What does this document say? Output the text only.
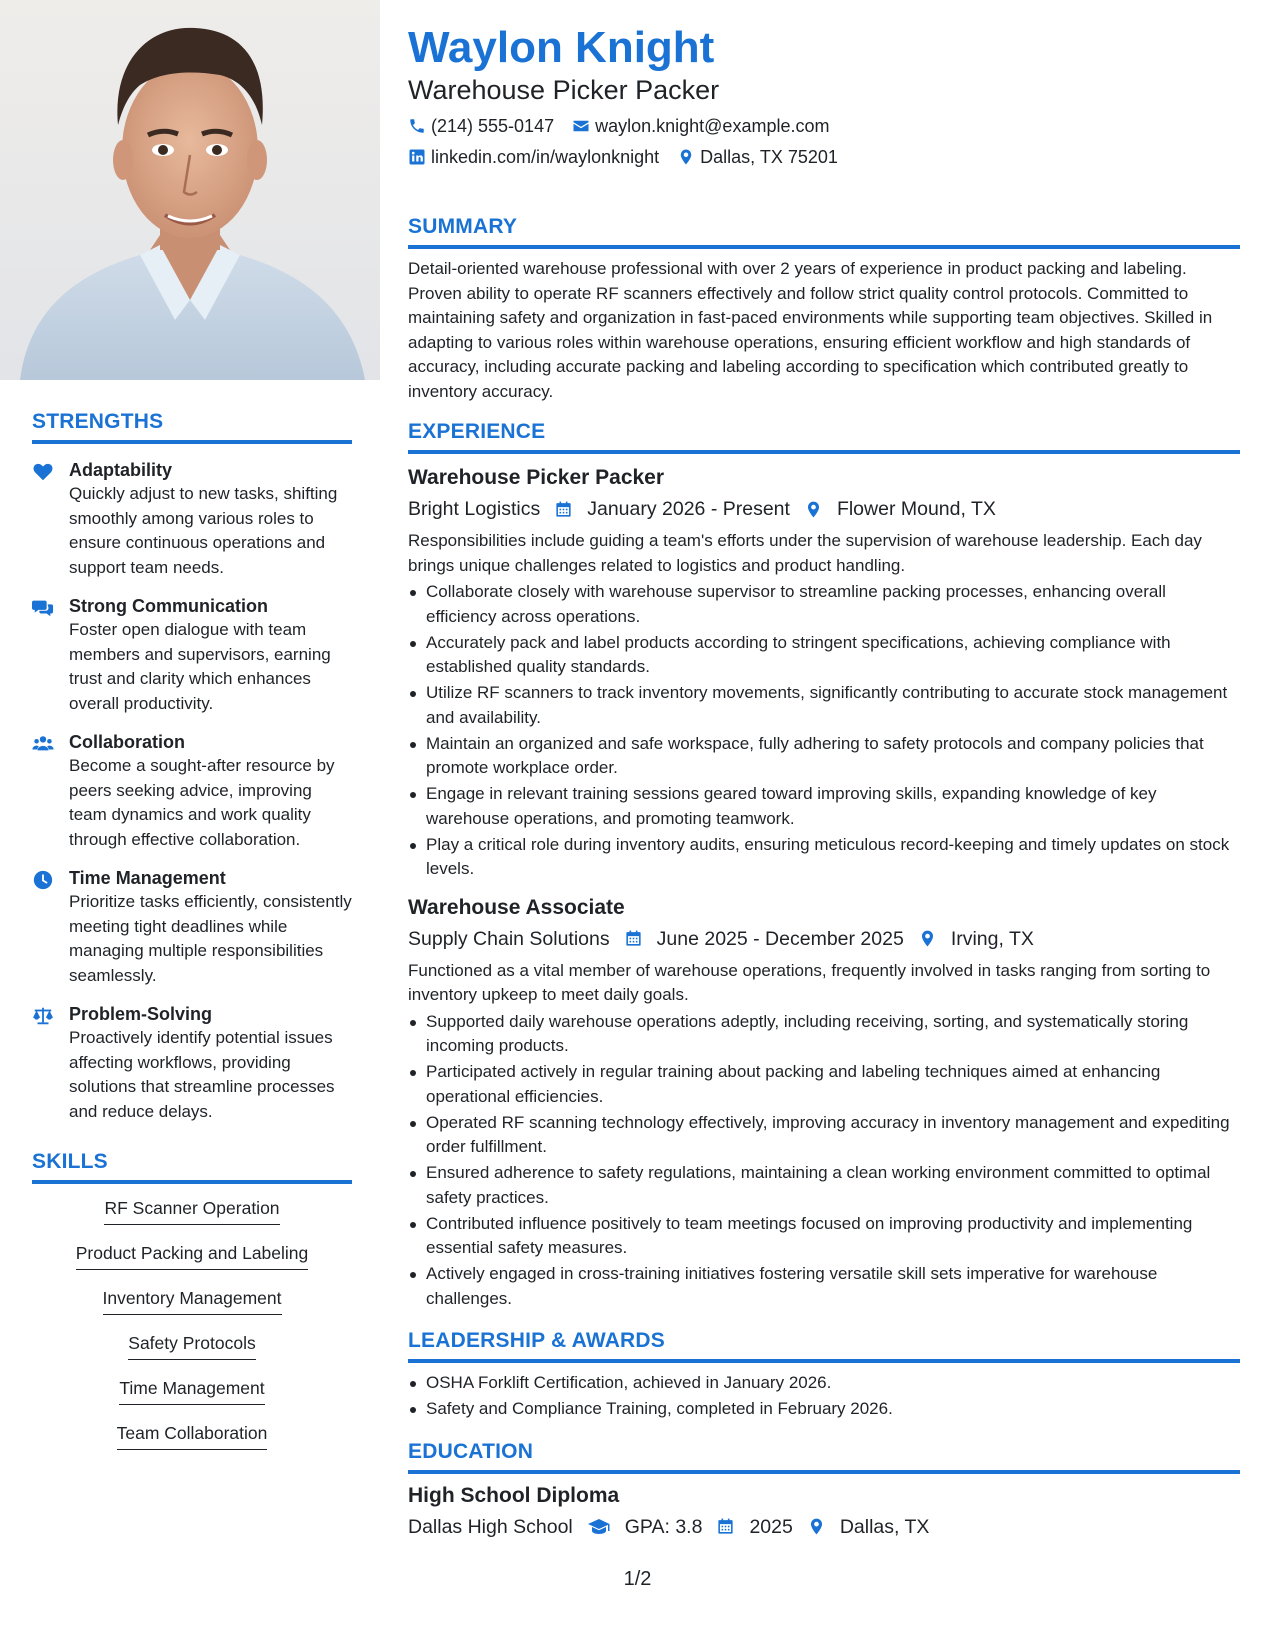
STRENGTHS
Adaptability
Quickly adjust to new tasks, shifting smoothly among various roles to ensure continuous operations and support team needs.
Strong Communication
Foster open dialogue with team members and supervisors, earning trust and clarity which enhances overall productivity.
Collaboration
Become a sought-after resource by peers seeking advice, improving team dynamics and work quality through effective collaboration.
Time Management
Prioritize tasks efficiently, consistently meeting tight deadlines while managing multiple responsibilities seamlessly.
Problem-Solving
Proactively identify potential issues affecting workflows, providing solutions that streamline processes and reduce delays.
SKILLS
RF Scanner Operation
Product Packing and Labeling
Inventory Management
Safety Protocols
Time Management
Team Collaboration
Waylon Knight
Warehouse Picker Packer
(214) 555-0147 waylon.knight@example.com
linkedin.com/in/waylonknight Dallas, TX 75201
SUMMARY
Detail-oriented warehouse professional with over 2 years of experience in product packing and labeling. Proven ability to operate RF scanners effectively and follow strict quality control protocols. Committed to maintaining safety and organization in fast-paced environments while supporting team objectives. Skilled in adapting to various roles within warehouse operations, ensuring efficient workflow and high standards of accuracy, including accurate packing and labeling according to specification which contributed greatly to inventory accuracy.
EXPERIENCE
Warehouse Picker Packer
Bright Logistics January 2026 - Present Flower Mound, TX
Responsibilities include guiding a team's efforts under the supervision of warehouse leadership. Each day brings unique challenges related to logistics and product handling.
Collaborate closely with warehouse supervisor to streamline packing processes, enhancing overall efficiency across operations.
Accurately pack and label products according to stringent specifications, achieving compliance with established quality standards.
Utilize RF scanners to track inventory movements, significantly contributing to accurate stock management and availability.
Maintain an organized and safe workspace, fully adhering to safety protocols and company policies that promote workplace order.
Engage in relevant training sessions geared toward improving skills, expanding knowledge of key warehouse operations, and promoting teamwork.
Play a critical role during inventory audits, ensuring meticulous record-keeping and timely updates on stock levels.
Warehouse Associate
Supply Chain Solutions June 2025 - December 2025 Irving, TX
Functioned as a vital member of warehouse operations, frequently involved in tasks ranging from sorting to inventory upkeep to meet daily goals.
Supported daily warehouse operations adeptly, including receiving, sorting, and systematically storing incoming products.
Participated actively in regular training about packing and labeling techniques aimed at enhancing operational efficiencies.
Operated RF scanning technology effectively, improving accuracy in inventory management and expediting order fulfillment.
Ensured adherence to safety regulations, maintaining a clean working environment committed to optimal safety practices.
Contributed influence positively to team meetings focused on improving productivity and implementing essential safety measures.
Actively engaged in cross-training initiatives fostering versatile skill sets imperative for warehouse challenges.
LEADERSHIP & AWARDS
OSHA Forklift Certification, achieved in January 2026.
Safety and Compliance Training, completed in February 2026.
EDUCATION
High School Diploma
Dallas High School	GPA: 3.8 2025 Dallas, TX
1/2
